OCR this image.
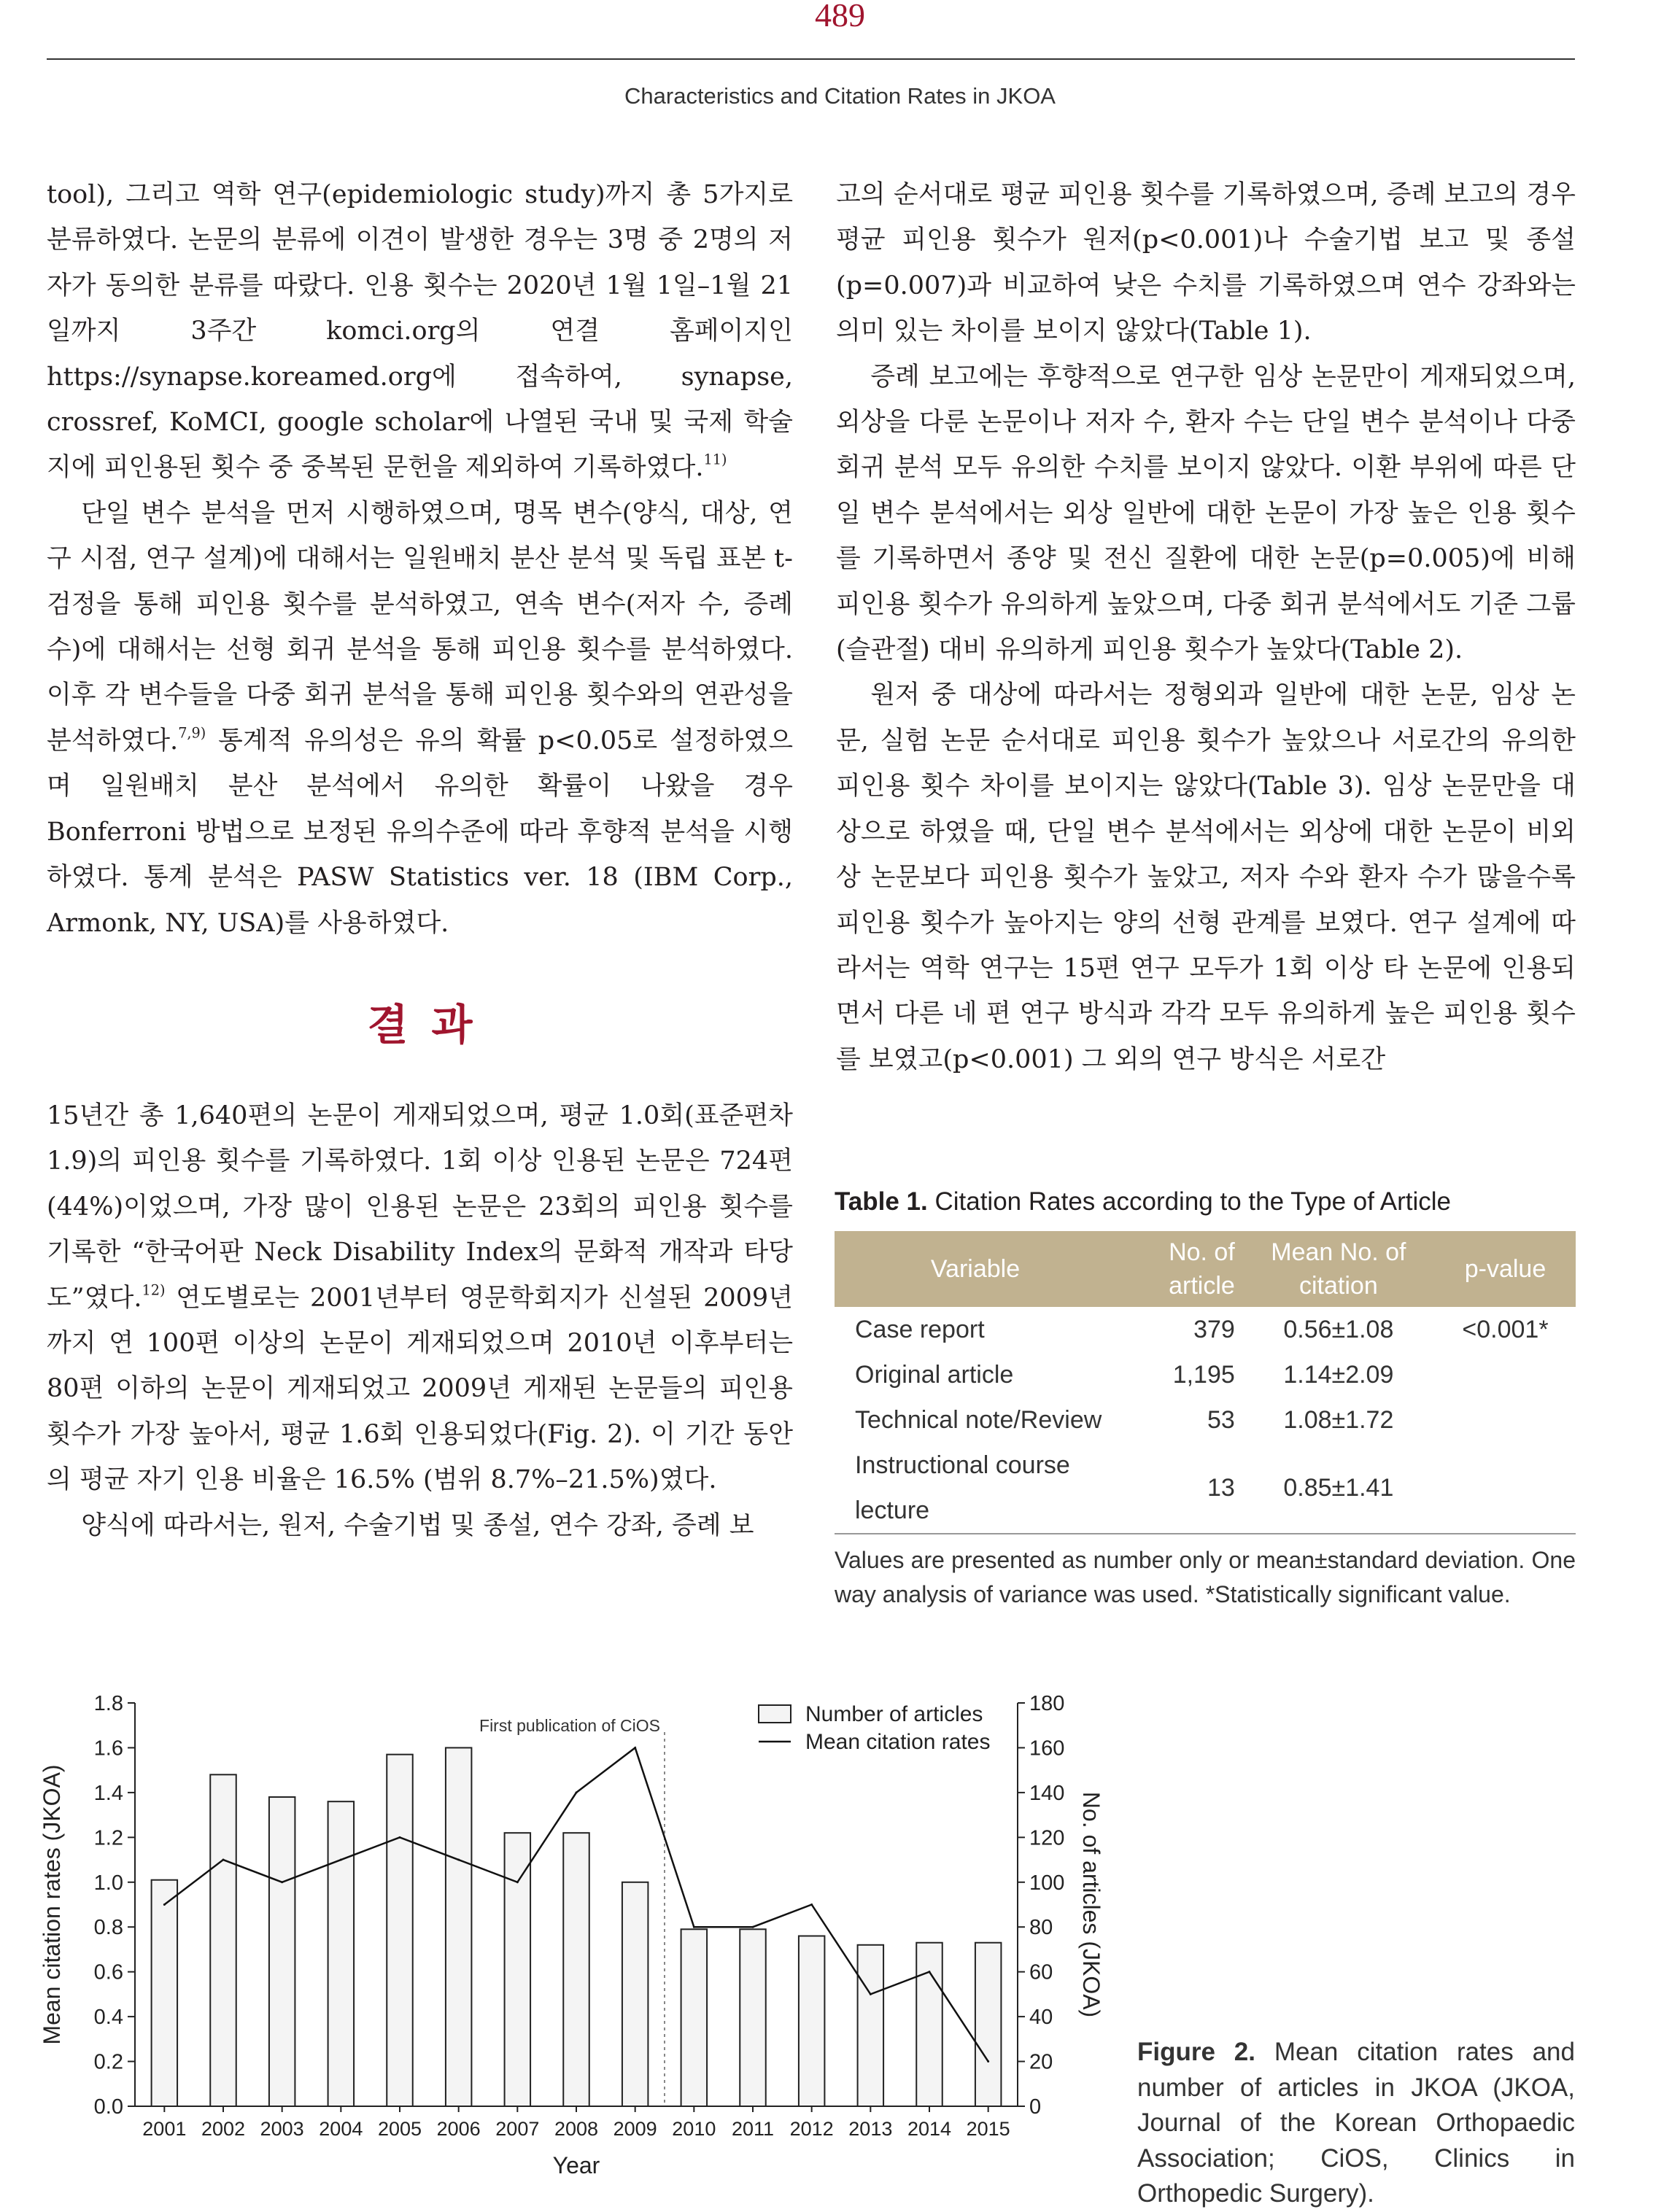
489
Characteristics and Citation Rates in JKOA

tool), 그리고 역학 연구(epidemiologic study)까지 총 5가지로 분류하였다. 논문의 분류에 이견이 발생한 경우는 3명 중 2명의 저자가 동의한 분류를 따랐다. 인용 횟수는 2020년 1월 1일–1월 21일까지 3주간 komci.org의 연결 홈페이지인 https://synapse.koreamed.org에 접속하여, synapse, crossref, KoMCI, google scholar에 나열된 국내 및 국제 학술지에 피인용된 횟수 중 중복된 문헌을 제외하여 기록하였다.$^{11)}$

단일 변수 분석을 먼저 시행하였으며, 명목 변수(양식, 대상, 연구 시점, 연구 설계)에 대해서는 일원배치 분산 분석 및 독립 표본 t-검정을 통해 피인용 횟수를 분석하였고, 연속 변수(저자 수, 증례 수)에 대해서는 선형 회귀 분석을 통해 피인용 횟수를 분석하였다. 이후 각 변수들을 다중 회귀 분석을 통해 피인용 횟수와의 연관성을 분석하였다.$^{7,9)}$ 통계적 유의성은 유의 확률 p<0.05로 설정하였으며 일원배치 분산 분석에서 유의한 확률이 나왔을 경우 Bonferroni 방법으로 보정된 유의수준에 따라 후향적 분석을 시행하였다. 통계 분석은 PASW Statistics ver. 18 (IBM Corp., Armonk, NY, USA)를 사용하였다.

결과

15년간 총 1,640편의 논문이 게재되었으며, 평균 1.0회(표준편차 1.9)의 피인용 횟수를 기록하였다. 1회 이상 인용된 논문은 724편(44%)이었으며, 가장 많이 인용된 논문은 23회의 피인용 횟수를 기록한 “한국어판 Neck Disability Index의 문화적 개작과 타당도”였다.$^{12)}$ 연도별로는 2001년부터 영문학회지가 신설된 2009년까지 연 100편 이상의 논문이 게재되었으며 2010년 이후부터는 80편 이하의 논문이 게재되었고 2009년 게재된 논문들의 피인용 횟수가 가장 높아서, 평균 1.6회 인용되었다(Fig. 2). 이 기간 동안의 평균 자기 인용 비율은 16.5% (범위 8.7%–21.5%)였다.

양식에 따라서는, 원저, 수술기법 및 종설, 연수 강좌, 증례 보

고의 순서대로 평균 피인용 횟수를 기록하였으며, 증례 보고의 경우 평균 피인용 횟수가 원저(p<0.001)나 수술기법 보고 및 종설(p=0.007)과 비교하여 낮은 수치를 기록하였으며 연수 강좌와는 의미 있는 차이를 보이지 않았다(Table 1).

증례 보고에는 후향적으로 연구한 임상 논문만이 게재되었으며, 외상을 다룬 논문이나 저자 수, 환자 수는 단일 변수 분석이나 다중 회귀 분석 모두 유의한 수치를 보이지 않았다. 이환 부위에 따른 단일 변수 분석에서는 외상 일반에 대한 논문이 가장 높은 인용 횟수를 기록하면서 종양 및 전신 질환에 대한 논문(p=0.005)에 비해 피인용 횟수가 유의하게 높았으며, 다중 회귀 분석에서도 기준 그룹(슬관절) 대비 유의하게 피인용 횟수가 높았다(Table 2).

원저 중 대상에 따라서는 정형외과 일반에 대한 논문, 임상 논문, 실험 논문 순서대로 피인용 횟수가 높았으나 서로간의 유의한 피인용 횟수 차이를 보이지는 않았다(Table 3). 임상 논문만을 대상으로 하였을 때, 단일 변수 분석에서는 외상에 대한 논문이 비외상 논문보다 피인용 횟수가 높았고, 저자 수와 환자 수가 많을수록 피인용 횟수가 높아지는 양의 선형 관계를 보였다. 연구 설계에 따라서는 역학 연구는 15편 연구 모두가 1회 이상 타 논문에 인용되면서 다른 네 편 연구 방식과 각각 모두 유의하게 높은 피인용 횟수를 보였고(p<0.001) 그 외의 연구 방식은 서로간

Table 1. Citation Rates according to the Type of Article
Variable	No. of article	Mean No. of citation	p-value
Case report	379	0.56±1.08	<0.001*
Original article	1,195	1.14±2.09	
Technical note/Review	53	1.08±1.72	
Instructional course lecture	13	0.85±1.41	
Values are presented as number only or mean±standard deviation. One way analysis of variance was used. *Statistically significant value.
0.0
0.2
0.4
0.6
0.8
1.0
1.2
1.4
1.6
1.8
0
20
40
60
80
100
120
140
160
180
2001 2002 2003 2004 2005 2006 2007 2008 2009 2010 2011 2012 2013 2014 2015
First publication of CiOS	Number of articles
Mean citation rates
Year
Mean citation rates (JKOA)	No. of articles (JKOA)
Figure 2. Mean citation rates and number of articles in JKOA (JKOA, Journal of the Korean Orthopaedic Association; CiOS, Clinics in Orthopedic Surgery).
